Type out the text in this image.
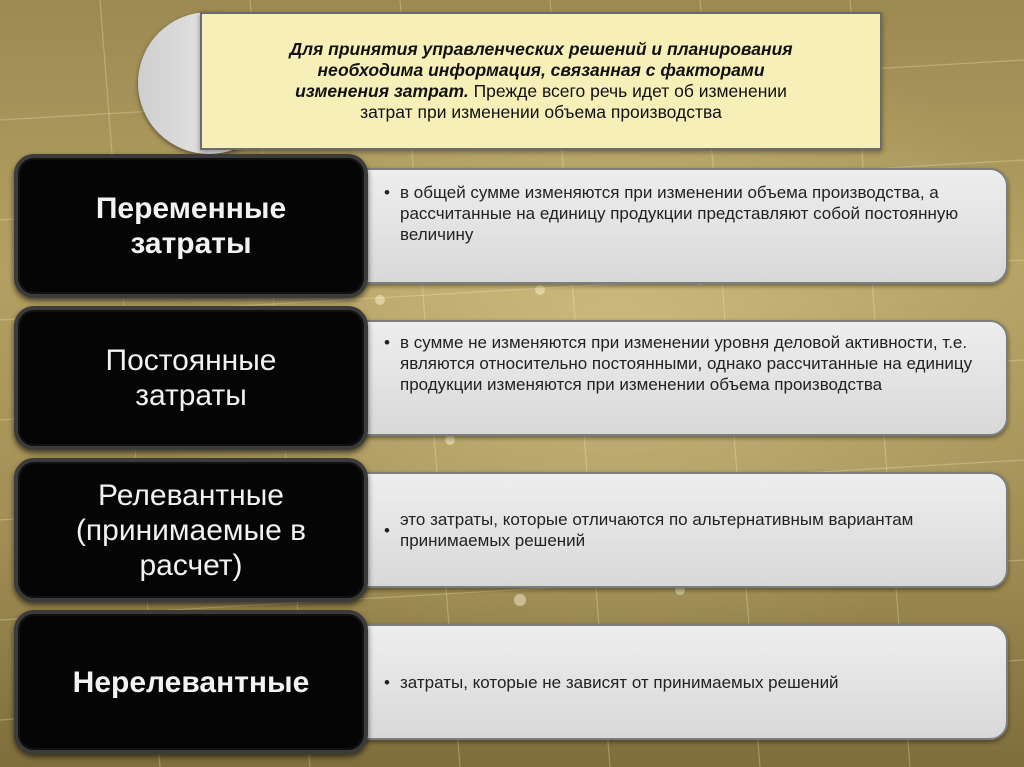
Для принятия управленческих решений и планирования
необходима информация, связанная с факторами
изменения затрат. Прежде всего речь идет об изменении
затрат при изменении объема производства
Переменные
затраты
• в общей сумме изменяются при изменении объема производства, а рассчитанные на единицу продукции представляют собой постоянную величину
Постоянные
затраты
• в сумме не изменяются при изменении уровня деловой активности, т.е. являются относительно постоянными, однако рассчитанные на единицу продукции изменяются при изменении объема производства
Релевантные
(принимаемые в
расчет)
•
это затраты, которые отличаются по альтернативным вариантам принимаемых решений
Нерелевантные	• затраты, которые не зависят от принимаемых решений
